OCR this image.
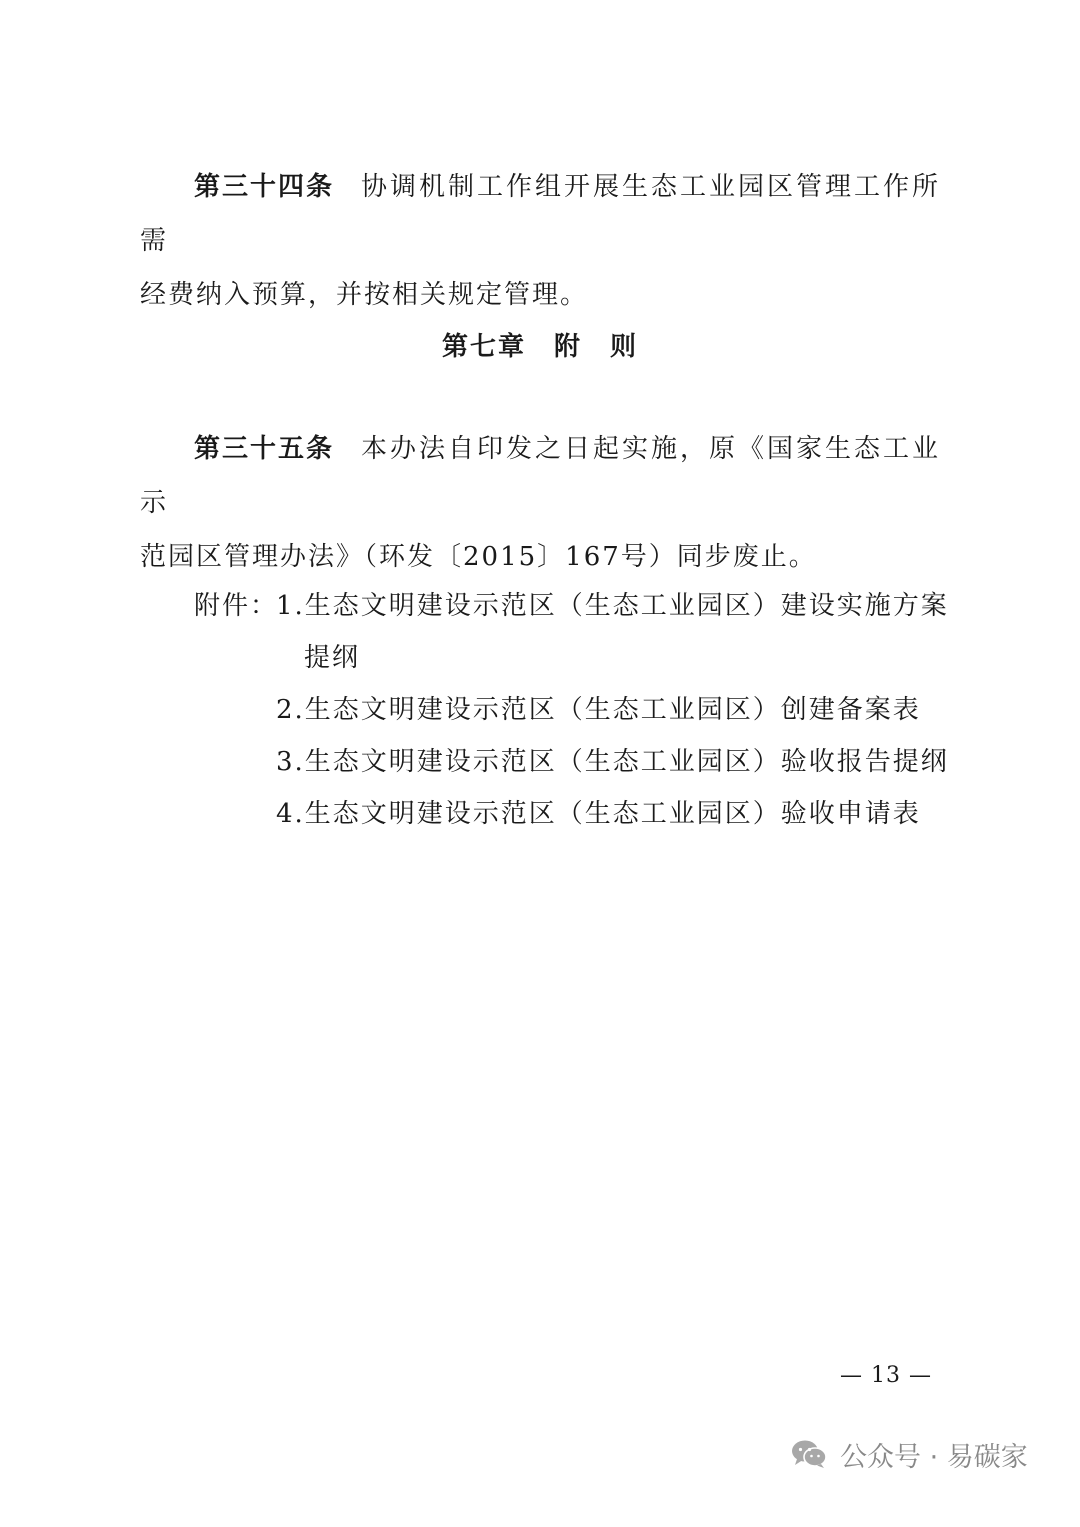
第三十四条 协调机制工作组开展生态工业园区管理工作所需
经费纳入预算，并按相关规定管理。
第七章　附　则
第三十五条 本办法自印发之日起实施，原《国家生态工业示
范园区管理办法》（环发〔2015〕167号）同步废止。
附件：
1.生态文明建设示范区（生态工业园区）建设实施方案
提纲
2.生态文明建设示范区（生态工业园区）创建备案表
3.生态文明建设示范区（生态工业园区）验收报告提纲
4.生态文明建设示范区（生态工业园区）验收申请表
— 13 —
公众号 · 易碳家
